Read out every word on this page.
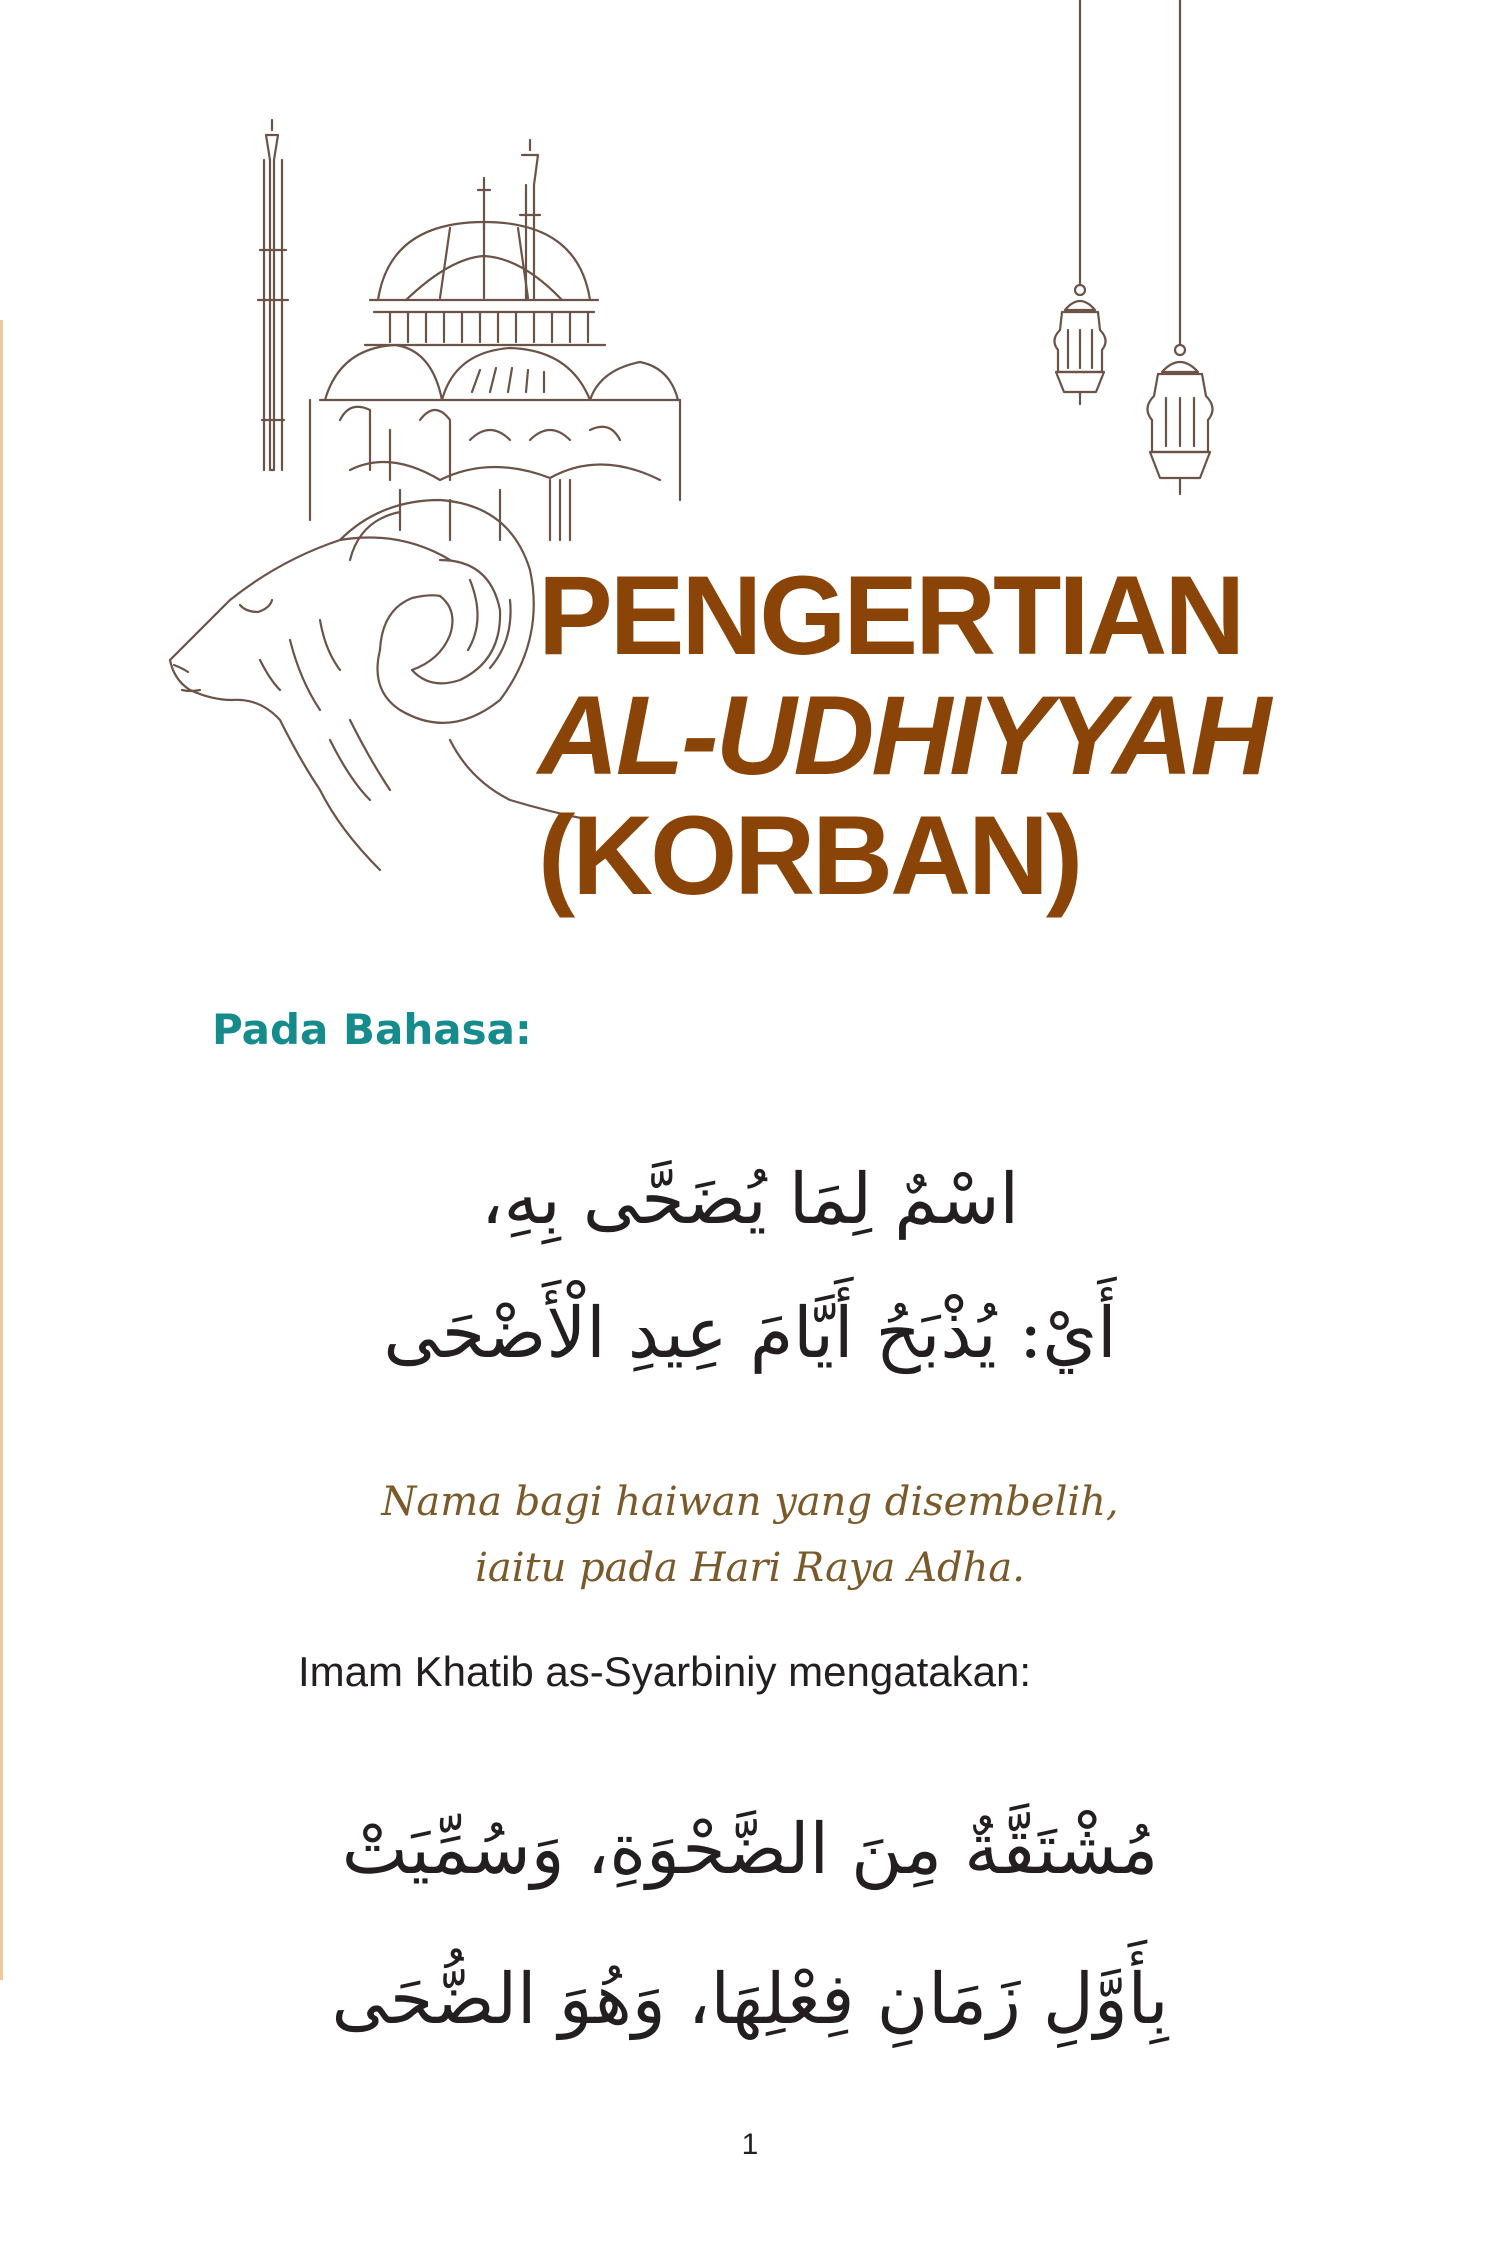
PENGERTIAN
AL-UDHIYYAH
(KORBAN)
Pada Bahasa:
اسْمٌ لِمَا يُضَحَّى بِهِ،
أَيْ: يُذْبَحُ أَيَّامَ عِيدِ الْأَضْحَى
Nama bagi haiwan yang disembelih,
iaitu pada Hari Raya Adha.
Imam Khatib as-Syarbiniy mengatakan:
مُشْتَقَّةٌ مِنَ الضَّحْوَةِ، وَسُمِّيَتْ
بِأَوَّلِ زَمَانِ فِعْلِهَا، وَهُوَ الضُّحَى
1
